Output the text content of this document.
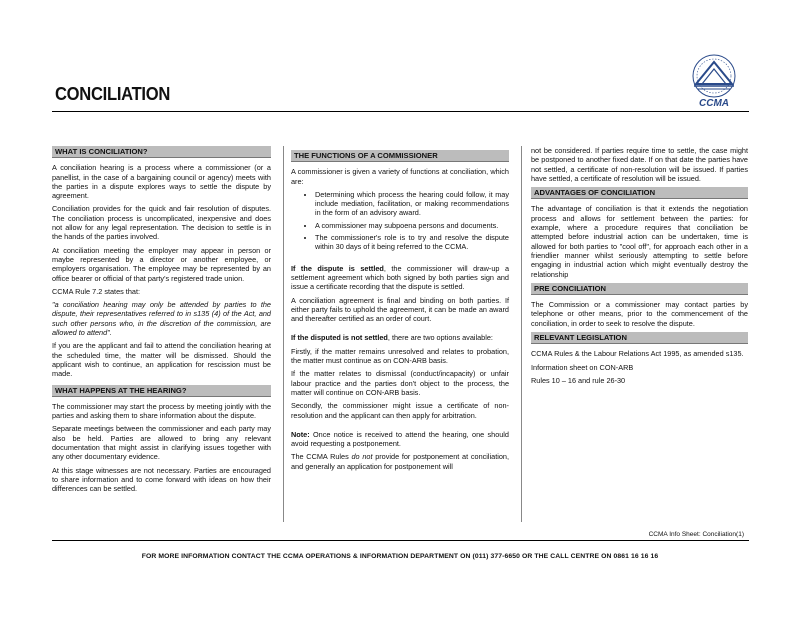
CONCILIATION	CCMA
WHAT IS CONCILIATION?

A conciliation hearing is a process where a commissioner (or a panellist, in the case of a bargaining council or agency) meets with the parties in a dispute explores ways to settle the dispute by agreement.

Conciliation provides for the quick and fair resolution of disputes. The conciliation process is uncomplicated, inexpensive and does not allow for any legal representation. The decision to settle is in the hands of the parties involved.

At conciliation meeting the employer may appear in person or maybe represented by a director or another employee, or employers organisation. The employee may be represented by an office bearer or official of that party's registered trade union.

CCMA Rule 7.2 states that:

"a conciliation hearing may only be attended by parties to the dispute, their representatives referred to in s135 (4) of the Act, and such other persons who, in the discretion of the commission, are allowed to attend".

If you are the applicant and fail to attend the conciliation hearing at the scheduled time, the matter will be dismissed. Should the applicant wish to continue, an application for rescission must be made.

WHAT HAPPENS AT THE HEARING?

The commissioner may start the process by meeting jointly with the parties and asking them to share information about the dispute.

Separate meetings between the commissioner and each party may also be held. Parties are allowed to bring any relevant documentation that might assist in clarifying issues together with any other documentary evidence.

At this stage witnesses are not necessary. Parties are encouraged to share information and to come forward with ideas on how their differences can be settled.

THE FUNCTIONS OF A COMMISSIONER

A commissioner is given a variety of functions at conciliation, which are:

• Determining which process the hearing could follow, it may include mediation, facilitation, or making recommendations in the form of an advisory award.
• A commissioner may subpoena persons and documents.
• The commissioner's role is to try and resolve the dispute within 30 days of it being referred to the CCMA.

If the dispute is settled, the commissioner will draw-up a settlement agreement which both signed by both parties sign and issue a certificate recording that the dispute is settled.

A conciliation agreement is final and binding on both parties. If either party fails to uphold the agreement, it can be made an award and thereafter certified as an order of court.

If the disputed is not settled, there are two options available:

Firstly, if the matter remains unresolved and relates to probation, the matter must continue as on CON-ARB basis.

If the matter relates to dismissal (conduct/incapacity) or unfair labour practice and the parties don't object to the process, the matter will continue on CON-ARB basis.

Secondly, the commissioner might issue a certificate of non-resolution and the applicant can then apply for arbitration.

Note: Once notice is received to attend the hearing, one should avoid requesting a postponement.

The CCMA Rules do not provide for postponement at conciliation, and generally an application for postponement will

not be considered. If parties require time to settle, the case might be postponed to another fixed date. If on that date the parties have not settled, a certificate of non-resolution will be issued. If parties have settled, a certificate of resolution will be issued.

ADVANTAGES OF CONCILIATION

The advantage of conciliation is that it extends the negotiation process and allows for settlement between the parties: for example, where a procedure requires that conciliation be attempted before industrial action can be undertaken, time is allowed for both parties to "cool off", for approach each other in a friendlier manner whilst seriously attempting to settle before engaging in industrial action which might eventually destroy the relationship

PRE CONCILIATION

The Commission or a commissioner may contact parties by telephone or other means, prior to the commencement of the conciliation, in order to seek to resolve the dispute.

RELEVANT LEGISLATION

CCMA Rules & the Labour Relations Act 1995, as amended s135.

Information sheet on CON-ARB

Rules 10 – 16 and rule 26-30

CCMA Info Sheet: Conciliation(1)
FOR MORE INFORMATION CONTACT THE CCMA OPERATIONS & INFORMATION DEPARTMENT ON (011) 377-6650 OR THE CALL CENTRE ON 0861 16 16 16
